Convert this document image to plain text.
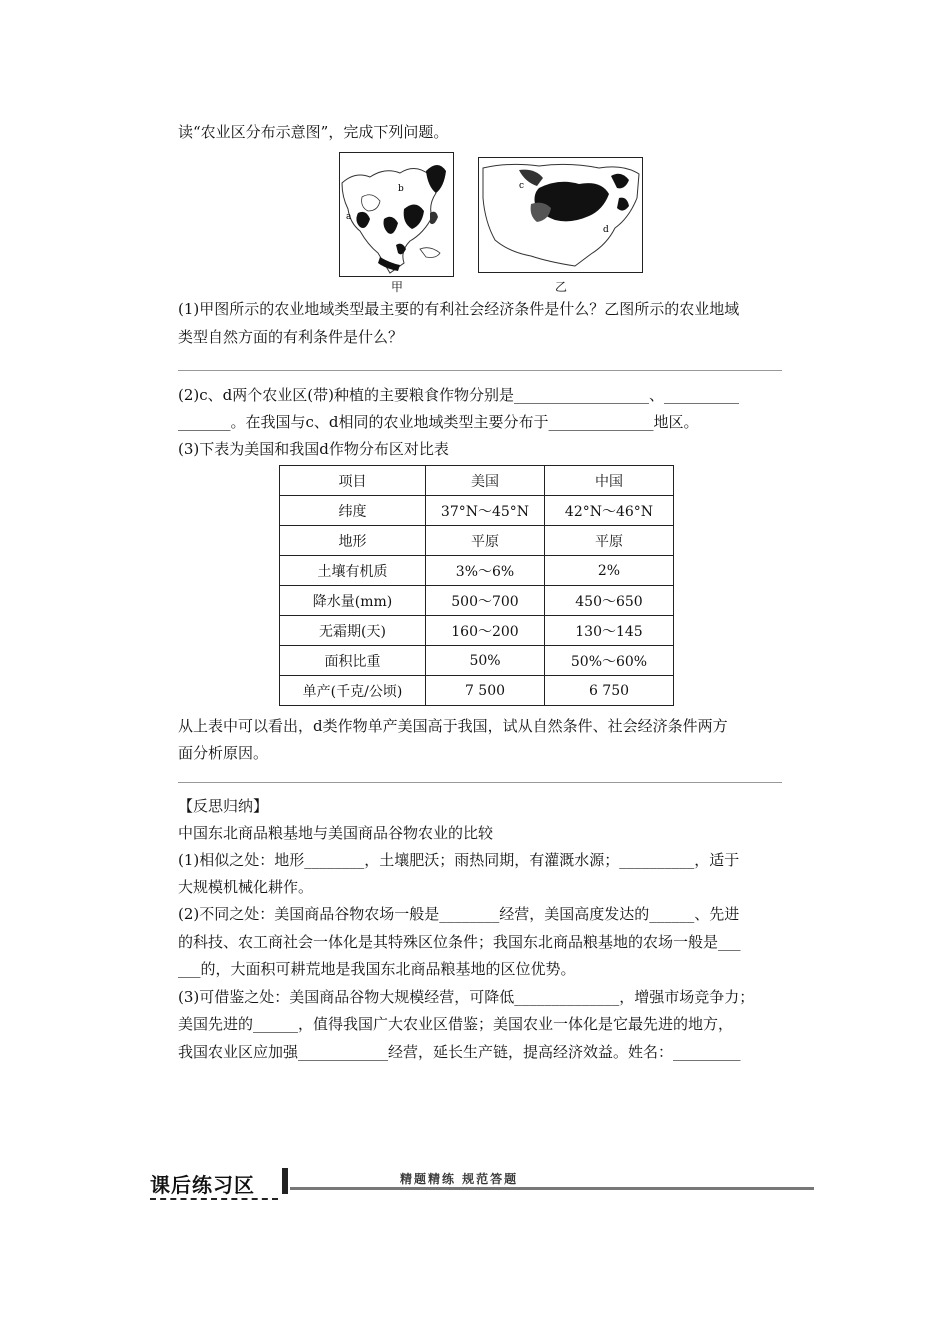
读“农业区分布示意图”，完成下列问题。
a
b
甲
c
d
乙
(1)甲图所示的农业地域类型最主要的有利社会经济条件是什么？乙图所示的农业地域
类型自然方面的有利条件是什么？
(2)c、d两个农业区(带)种植的主要粮食作物分别是__________________、__________
_______。在我国与c、d相同的农业地域类型主要分布于______________地区。
(3)下表为美国和我国d作物分布区对比表
项目	美国	中国
纬度	37°N～45°N	42°N～46°N
地形	平原	平原
土壤有机质	3%～6%	2%
降水量(mm)	500～700	450～650
无霜期(天)	160～200	130～145
面积比重	50%	50%～60%
单产(千克/公顷)	7 500	6 750
从上表中可以看出，d类作物单产美国高于我国，试从自然条件、社会经济条件两方
面分析原因。
【反思归纳】
中国东北商品粮基地与美国商品谷物农业的比较
(1)相似之处：地形________，土壤肥沃；雨热同期，有灌溉水源；__________，适于
大规模机械化耕作。
(2)不同之处：美国商品谷物农场一般是________经营，美国高度发达的______、先进
的科技、农工商社会一体化是其特殊区位条件；我国东北商品粮基地的农场一般是___
___的，大面积可耕荒地是我国东北商品粮基地的区位优势。
(3)可借鉴之处：美国商品谷物大规模经营，可降低______________，增强市场竞争力；
美国先进的______，值得我国广大农业区借鉴；美国农业一体化是它最先进的地方，
我国农业区应加强____________经营，延长生产链，提高经济效益。姓名：_________
课后练习区	精题精练 规范答题
